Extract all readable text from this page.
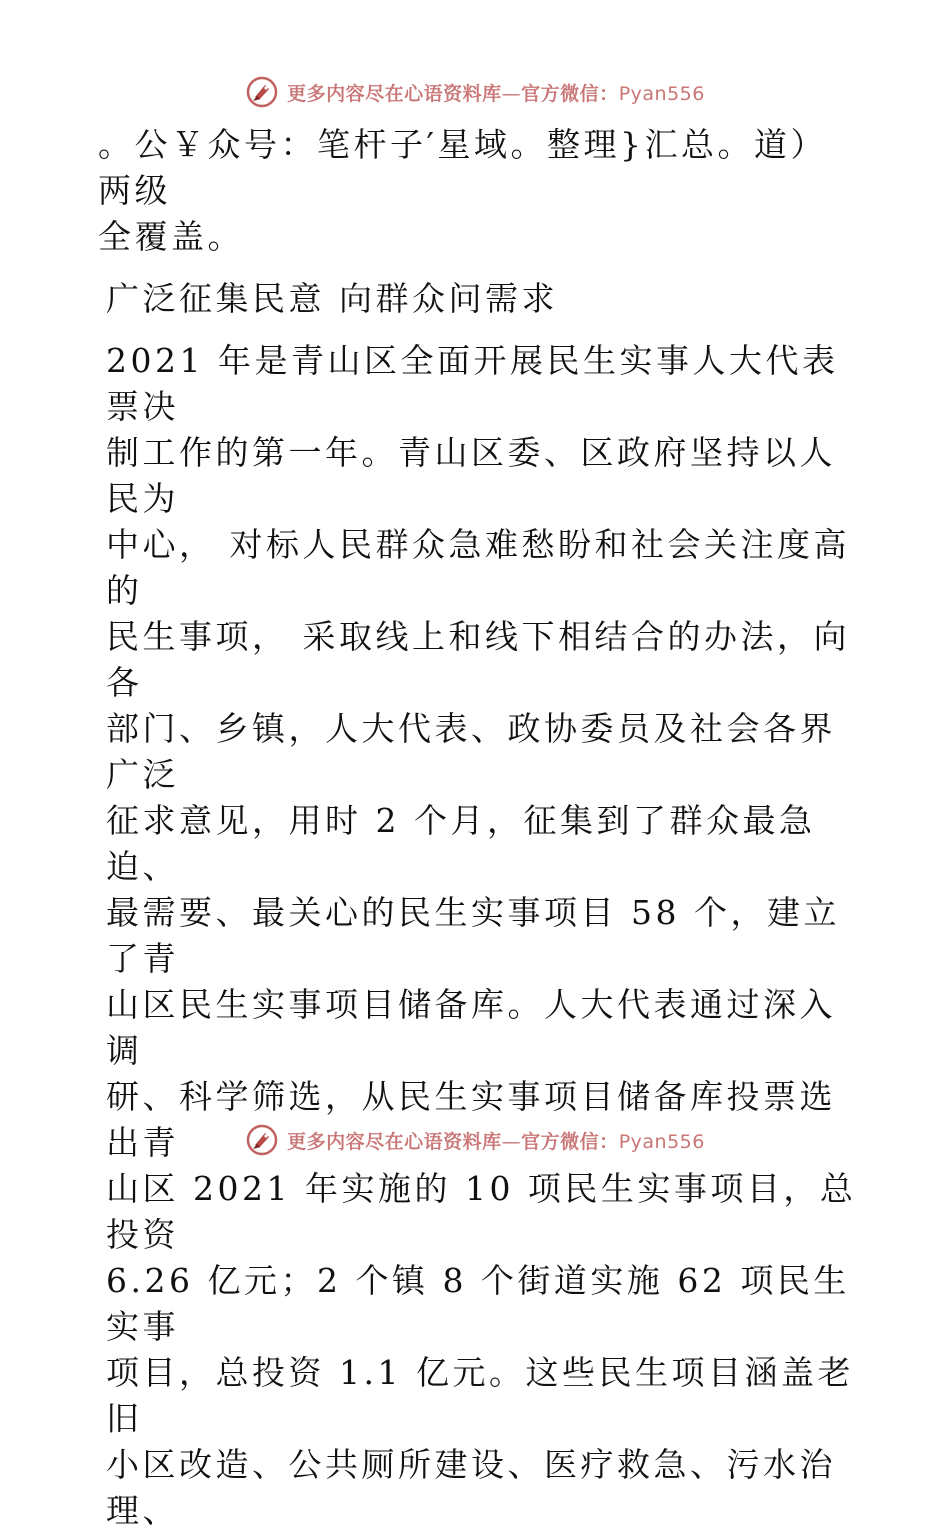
更多内容尽在心语资料库—官方微信：Pyan556

。公￥众号：笔杆子′星域。整理}汇总。道）两级
全覆盖。

广泛征集民意 向群众问需求

2021 年是青山区全面开展民生实事人大代表票决
制工作的第一年。青山区委、区政府坚持以人民为
中心， 对标人民群众急难愁盼和社会关注度高的
民生事项， 采取线上和线下相结合的办法，向各
部门、乡镇，人大代表、政协委员及社会各界广泛
征求意见，用时 2 个月，征集到了群众最急迫、
最需要、最关心的民生实事项目 58 个，建立了青
山区民生实事项目储备库。人大代表通过深入调
研、科学筛选，从民生实事项目储备库投票选出青
山区 2021 年实施的 10 项民生实事项目，总投资
6.26 亿元；2 个镇 8 个街道实施 62 项民生实事
项目，总投资 1.1 亿元。这些民生项目涵盖老旧
小区改造、公共厕所建设、医疗救急、污水治理、

更多内容尽在心语资料库—官方微信：Pyan556
